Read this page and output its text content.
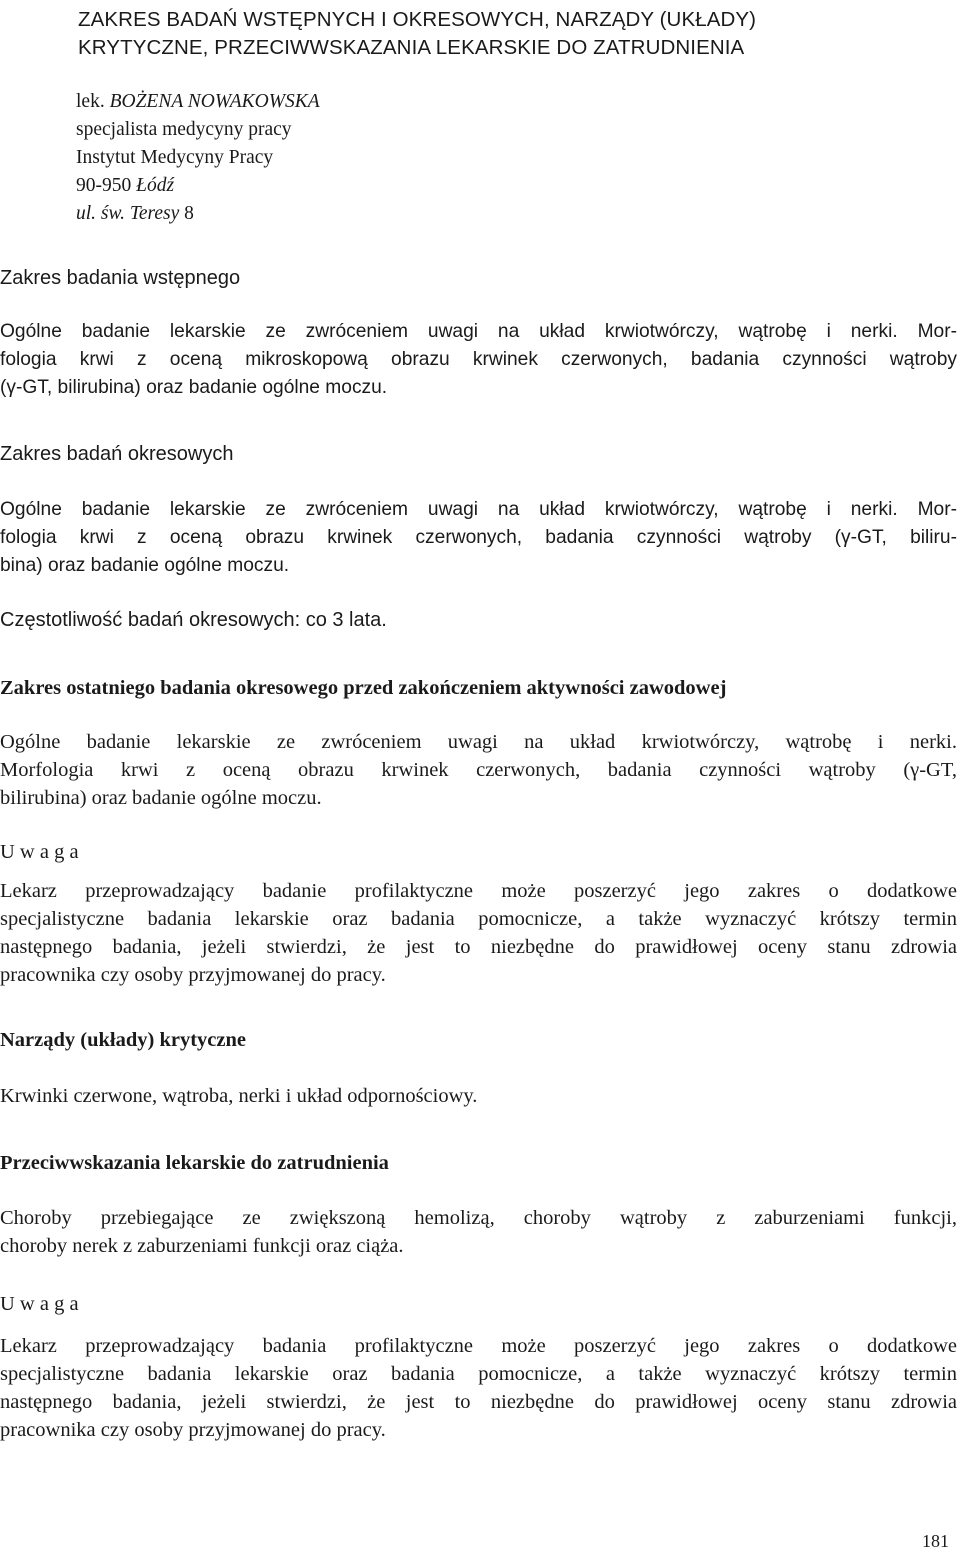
ZAKRES BADAŃ WSTĘPNYCH I OKRESOWYCH, NARZĄDY (UKŁADY)
KRYTYCZNE, PRZECIWWSKAZANIA LEKARSKIE DO ZATRUDNIENIA
lek. BOŻENA NOWAKOWSKA
specjalista medycyny pracy
Instytut Medycyny Pracy
90-950 Łódź
ul. św. Teresy 8
Zakres badania wstępnego
Ogólne badanie lekarskie ze zwróceniem uwagi na układ krwiotwórczy, wątrobę i nerki. Mor-
fologia krwi z oceną mikroskopową obrazu krwinek czerwonych, badania czynności wątroby
(γ-GT, bilirubina) oraz badanie ogólne moczu.
Zakres badań okresowych
Ogólne badanie lekarskie ze zwróceniem uwagi na układ krwiotwórczy, wątrobę i nerki. Mor-
fologia krwi z oceną obrazu krwinek czerwonych, badania czynności wątroby (γ-GT, biliru-
bina) oraz badanie ogólne moczu.
Częstotliwość badań okresowych: co 3 lata.
Zakres ostatniego badania okresowego przed zakończeniem aktywności zawodowej
Ogólne badanie lekarskie ze zwróceniem uwagi na układ krwiotwórczy, wątrobę i nerki.
Morfologia krwi z oceną obrazu krwinek czerwonych, badania czynności wątroby (γ-GT,
bilirubina) oraz badanie ogólne moczu.
U w a g a
Lekarz przeprowadzający badanie profilaktyczne może poszerzyć jego zakres o dodatkowe
specjalistyczne badania lekarskie oraz badania pomocnicze, a także wyznaczyć krótszy termin
następnego badania, jeżeli stwierdzi, że jest to niezbędne do prawidłowej oceny stanu zdrowia
pracownika czy osoby przyjmowanej do pracy.
Narządy (układy) krytyczne
Krwinki czerwone, wątroba, nerki i układ odpornościowy.
Przeciwwskazania lekarskie do zatrudnienia
Choroby przebiegające ze zwiększoną hemolizą, choroby wątroby z zaburzeniami funkcji,
choroby nerek z zaburzeniami funkcji oraz ciąża.
U w a g a
Lekarz przeprowadzający badania profilaktyczne może poszerzyć jego zakres o dodatkowe
specjalistyczne badania lekarskie oraz badania pomocnicze, a także wyznaczyć krótszy termin
następnego badania, jeżeli stwierdzi, że jest to niezbędne do prawidłowej oceny stanu zdrowia
pracownika czy osoby przyjmowanej do pracy.
181
